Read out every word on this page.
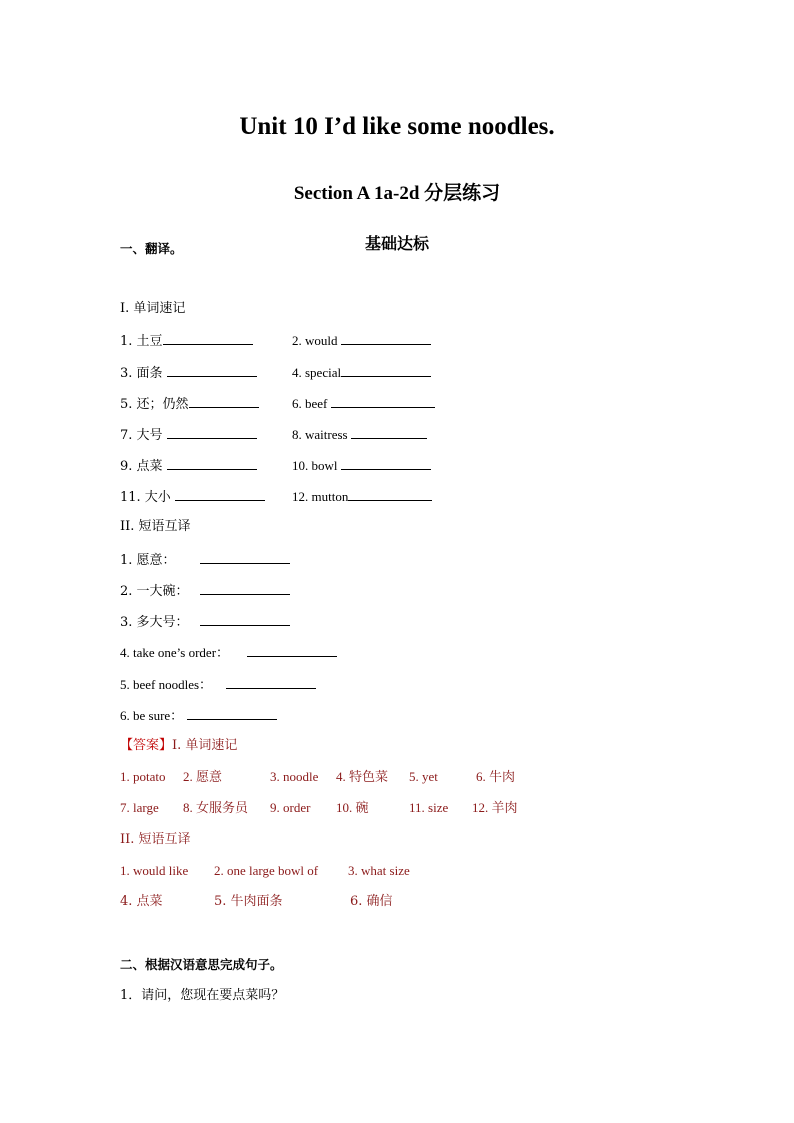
Unit 10 I’d like some noodles.
Section A 1a-2d 分层练习
基础达标
一、翻译。
I. 单词速记
1. 土豆	2. would
3. 面条	4. special
5. 还；仍然	6. beef
7. 大号	8. waitress
9. 点菜	10. bowl
11. 大小	12. mutton
II. 短语互译
1. 愿意：
2. 一大碗：
3. 多大号：
4. take one’s order：
5. beef noodles：
6. be sure：
【答案】I. 单词速记
1. potato 2. 愿意	3. noodle 4. 特色菜 5. yet	6. 牛肉
7. large 8. 女服务员 9. order 10. 碗	11. size 12. 羊肉
II. 短语互译
1. would like 2. one large bowl of 3. what size
4. 点菜	5. 牛肉面条	6. 确信
二、根据汉语意思完成句子。
1．请问，您现在要点菜吗？
